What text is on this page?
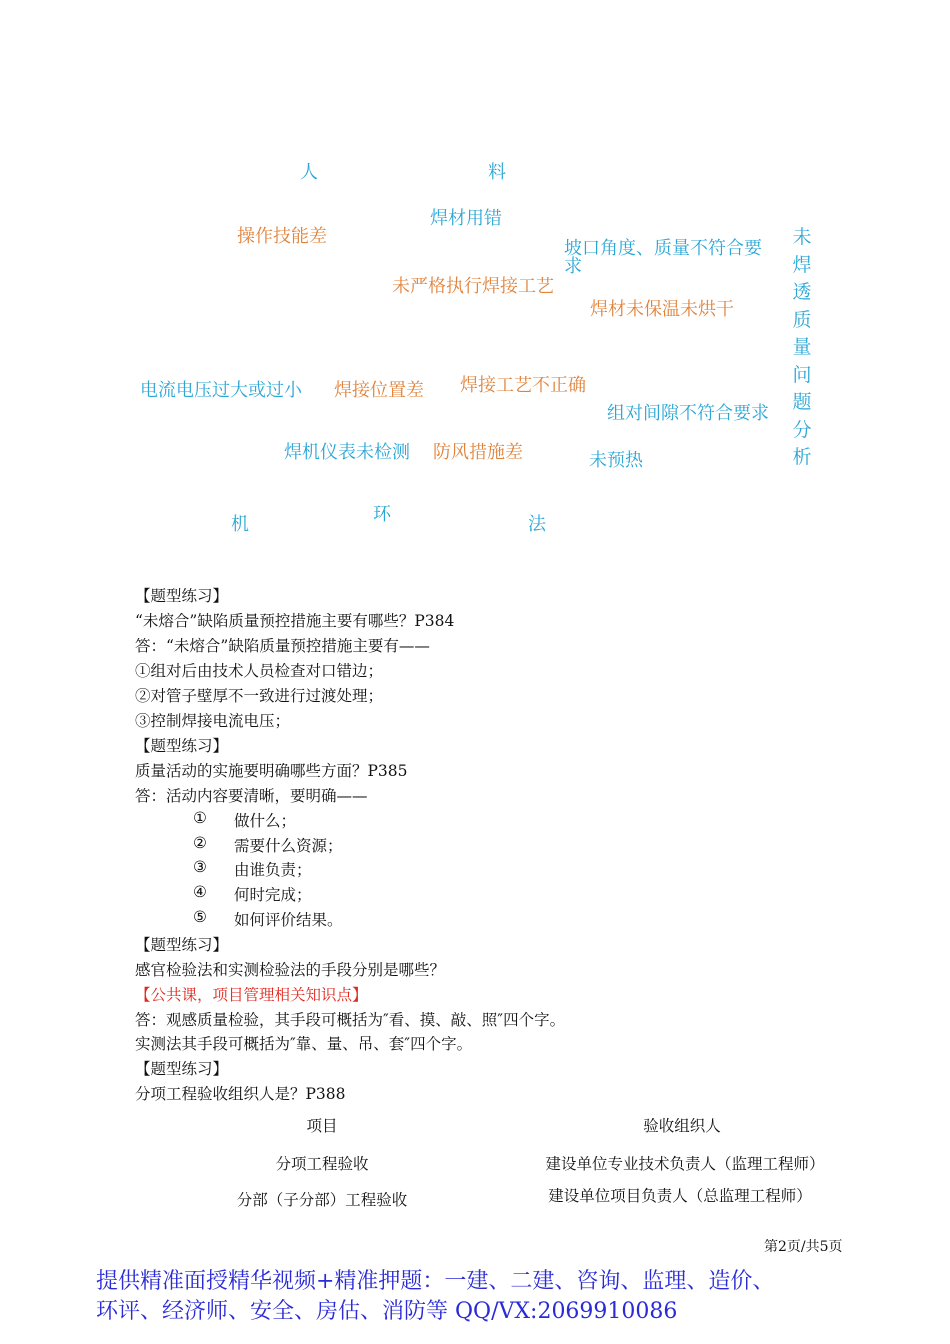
人	料
焊材用错
操作技能差
坡口角度、质量不符合要求
未严格执行焊接工艺
焊材未保温未烘干
未焊透质量问题分析
电流电压过大或过小 焊接位置差 焊接工艺不正确
组对间隙不符合要求
焊机仪表未检测 防风措施差	未预热
机	环	法
【题型练习】
“未熔合”缺陷质量预控措施主要有哪些？P384
答：“未熔合”缺陷质量预控措施主要有——
①组对后由技术人员检查对口错边；
②对管子壁厚不一致进行过渡处理；
③控制焊接电流电压；
【题型练习】
质量活动的实施要明确哪些方面？P385
答：活动内容要清晰，要明确——
① 做什么；
② 需要什么资源；
③ 由谁负责；
④ 何时完成；
⑤ 如何评价结果。
【题型练习】
感官检验法和实测检验法的手段分别是哪些？
【公共课，项目管理相关知识点】
答：观感质量检验，其手段可概括为″看、摸、敲、照″四个字。
实测法其手段可概括为″靠、量、吊、套″四个字。
【题型练习】
分项工程验收组织人是？P388
项目	验收组织人
分项工程验收	建设单位专业技术负责人（监理工程师）
分部（子分部）工程验收	建设单位项目负责人（总监理工程师）
第2页/共5页
提供精准面授精华视频+精准押题：一建、二建、咨询、监理、造价、
环评、经济师、安全、房估、消防等 QQ/VX:2069910086
